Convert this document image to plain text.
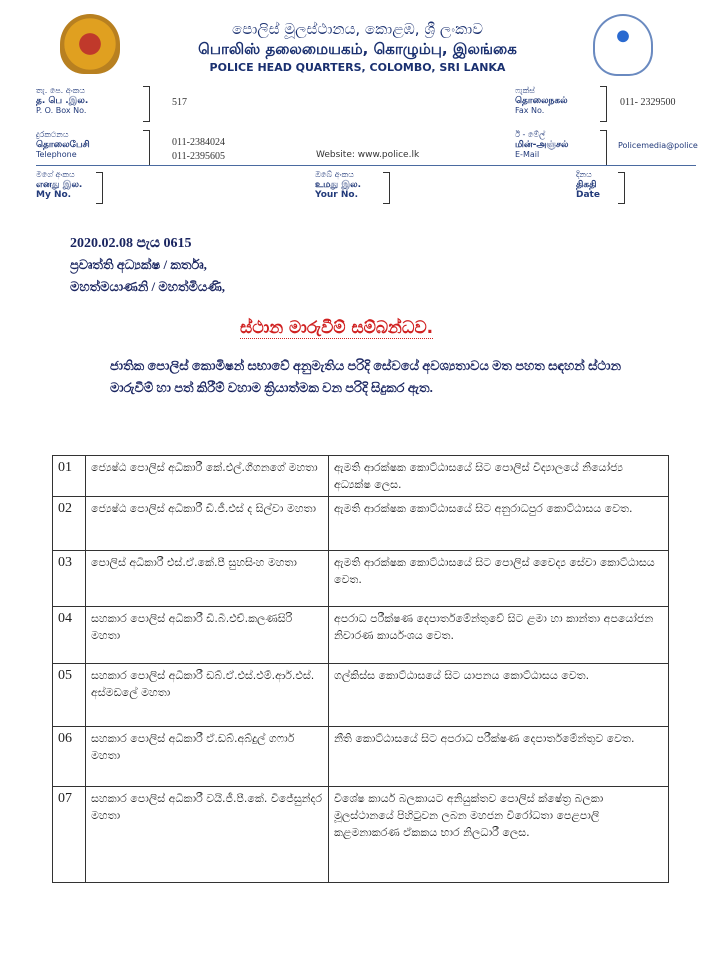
පොලිස් මූලස්ථානය, කොළඹ, ශ්‍රී ලංකාව
பொலிஸ் தலைமையகம், கொழும்பு, இலங்கை
POLICE HEAD QUARTERS, COLOMBO, SRI LANKA
තැ. පෙ. අංකය
த. பெ .இல.
P. O. Box No.
517
ෆැක්ස්
தொலைநகல்
Fax No.
011- 2329500
දුරකථනය
தொலைபேசி
Telephone
011-2384024
011-2395605	Website: www.police.lk
ඊ - මේල්
மின்-அஞ்சல்
E-Mail
Policemedia@police
මගේ අංකය
எனது இல.
My No.
ඔබේ අංකය
உமது இல.
Your No.
දිනය
திகதி
Date
2020.02.08 පැය 0615
ප්‍රවෘත්ති අධ්‍යක්ෂ / කර්තෘ,
මහත්මයාණනි / මහත්මියණි,
ස්ථාන මාරුවීම් සම්බන්ධව.
ජාතික පොලිස් කොමිෂන් සභාවේ අනුමැතිය පරිදි සේවයේ අවශ්‍යතාවය මත පහත සඳහන් ස්ථාන මාරුවීම් හා පත් කිරීම් වහාම ක්‍රියාත්මක වන පරිදි සිදුකර ඇත.
01	ජ්‍යෙෂ්ඨ පොලිස් අධිකාරී කේ.එල්.ගීගනගේ මහතා	ඇමති ආරක්ෂක කොට්ඨාසයේ සිට පොලිස් විද්‍යාලයේ නියෝජ්‍ය අධ්‍යක්ෂ ලෙස.
02	ජ්‍යෙෂ්ඨ පොලිස් අධිකාරී ඩී.ජී.එස් ද සිල්වා මහතා	ඇමති ආරක්ෂක කොට්ඨාසයේ සිට අනුරාධපුර කොට්ඨාසය වෙත.
03	පොලිස් අධිකාරී එස්.ඒ.කේ.පී සුහසිංහ මහතා	ඇමති ආරක්ෂක කොට්ඨාසයේ සිට පොලිස් වෛද්‍ය සේවා කොට්ඨාසය වෙත.
04	සහකාර පොලිස් අධිකාරී ඩී.බී.එච්.කලණසිරි මහතා	අපරාධ පරීක්ෂණ දෙපාර්තමේන්තුවේ සිට ළමා හා කාන්තා අපයෝජන නිවාරණ කාර්යංශය වෙත.
05	සහකාර පොලිස් අධිකාරී ඩබ්.ඒ.එස්.එම්.ආර්.එස්. අස්මඩලේ මහතා	ගල්කිස්ස කොට්ඨාසයේ සිට යාපනය කොට්ඨාසය වෙත.
06	සහකාර පොලිස් අධිකාරී ඒ.ඩබ්.අබ්දුල් ගෆාර් මහතා	නීති කොට්ඨාසයේ සිට අපරාධ පරීක්ෂණ දෙපාර්තමේන්තුව වෙත.
07	සහකාර පොලිස් අධිකාරී වයි.ජී.පී.කේ. විජේසුන්දර මහතා	විශේෂ කාර්ය බලකායට අනියුක්තව පොලිස් ක්ෂේත්‍ර බලකා මූලස්ථානයේ පිහිටුවන ලබන මහජන විරෝධතා පෙළපාලි කළමනාකරණ ඒකකය භාර නිලධාරී ලෙස.
